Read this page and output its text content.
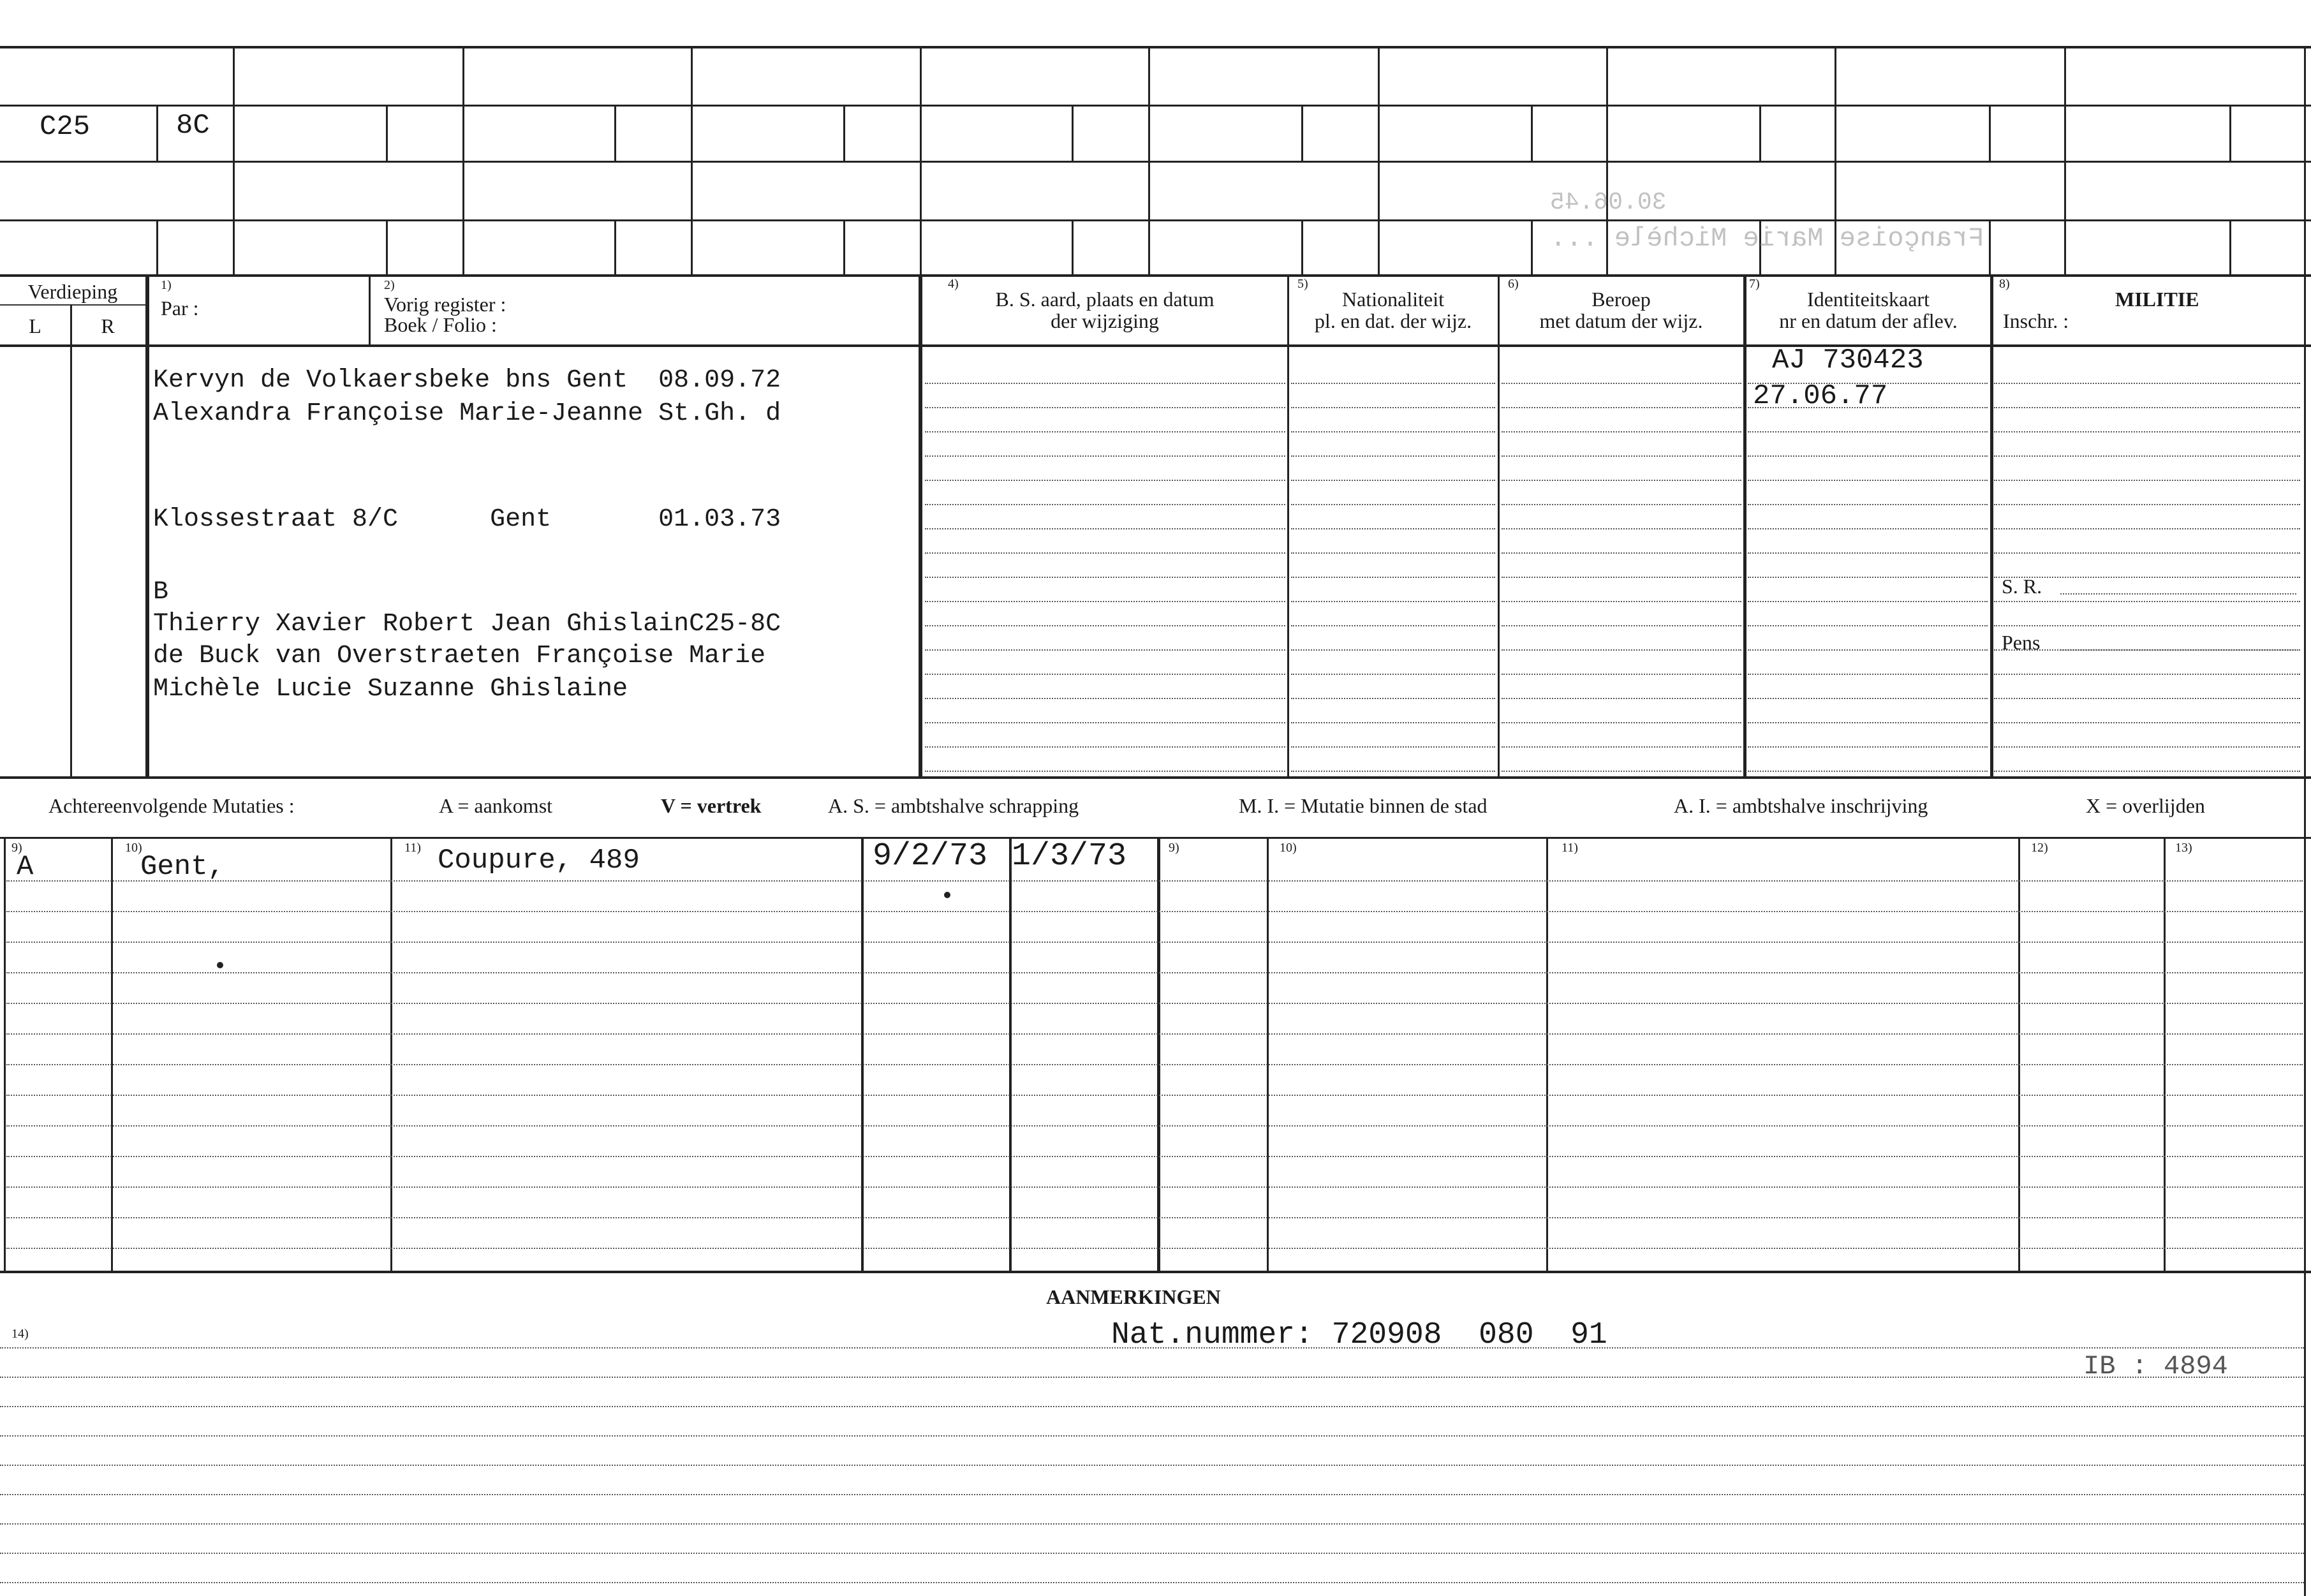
C25	8C
Françoise Marie Michèle ...
30.06.45
Verdieping
L	R
1)
Par :
2)
Vorig register :
Boek / Folio :
4)
B. S. aard, plaats en datum
der wijziging
5)
Nationaliteit
pl. en dat. der wijz.
6)
Beroep
met datum der wijz.
7)
Identiteitskaart
nr en datum der aflev.
8)
Inschr. :
MILITIE
Kervyn de Volkaersbeke bns Gent  08.09.72
Alexandra Françoise Marie-Jeanne St.Gh. d
Klossestraat 8/C      Gent       01.03.73
B
Thierry Xavier Robert Jean GhislainC25-8C
de Buck van Overstraeten Françoise Marie
Michèle Lucie Suzanne Ghislaine
AJ 730423
27.06.77
S. R.
Pens
Achtereenvolgende Mutaties :	A = aankomst	V = vertrek	A. S. = ambtshalve schrapping	M. I. = Mutatie binnen de stad	A. I. = ambtshalve inschrijving	X = overlijden
9)	10)	11)	9)	10)	11)	12)	13)
A	Gent,	Coupure, 489	9/2/73 1/3/73
AANMERKINGEN
14)	Nat.nummer: 720908  080  91
IB : 4894
